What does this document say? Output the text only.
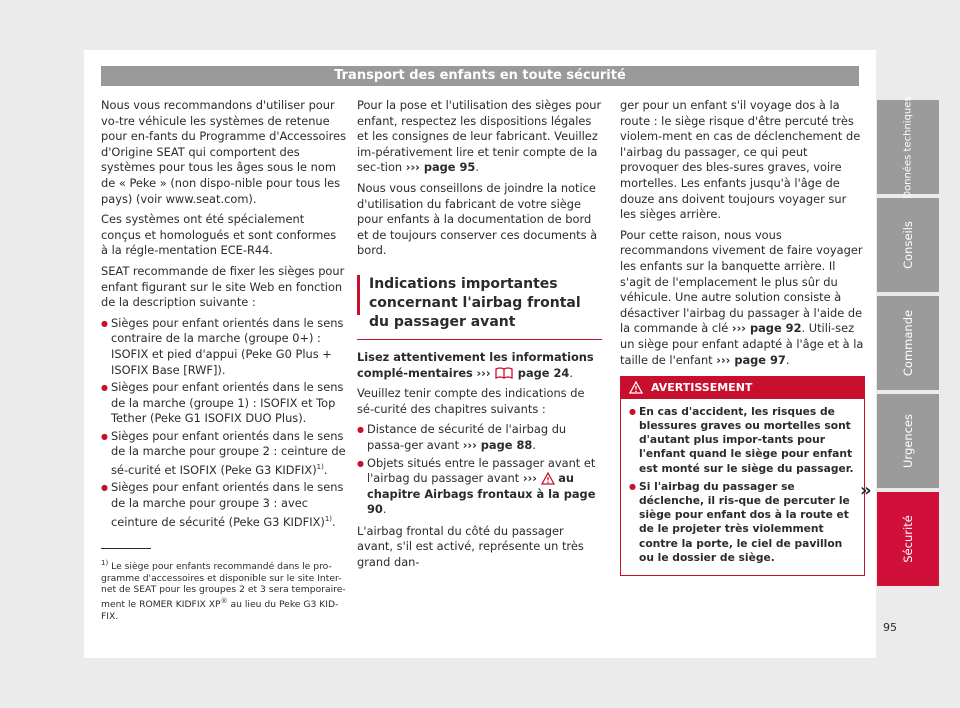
Transport des enfants en toute sécurité

Nous vous recommandons d'utiliser pour vo-tre véhicule les systèmes de retenue pour en-fants du Programme d'Accessoires d'Origine SEAT qui comportent des systèmes pour tous les âges sous le nom de « Peke » (non dispo-nible pour tous les pays) (voir www.seat.com).

Ces systèmes ont été spécialement conçus et homologués et sont conformes à la régle-mentation ECE-R44.

SEAT recommande de fixer les sièges pour enfant figurant sur le site Web en fonction de la description suivante :

● Sièges pour enfant orientés dans le sens contraire de la marche (groupe 0+) : ISOFIX et pied d'appui (Peke G0 Plus + ISOFIX Base [RWF]).
● Sièges pour enfant orientés dans le sens de la marche (groupe 1) : ISOFIX et Top Tether (Peke G1 ISOFIX DUO Plus).
● Sièges pour enfant orientés dans le sens de la marche pour groupe 2 : ceinture de sé-curité et ISOFIX (Peke G3 KIDFIX)$^{1)}$.
● Sièges pour enfant orientés dans le sens de la marche pour groupe 3 : avec ceinture de sécurité (Peke G3 KIDFIX)$^{1)}$.

Pour la pose et l'utilisation des sièges pour enfant, respectez les dispositions légales et les consignes de leur fabricant. Veuillez im-pérativement lire et tenir compte de la sec-tion ››› page 95.

Nous vous conseillons de joindre la notice d'utilisation du fabricant de votre siège pour enfants à la documentation de bord et de toujours conserver ces documents à bord.

Indications importantes concernant l'airbag frontal du passager avant

Lisez attentivement les informations complé-mentaires ››› page 24.

Veuillez tenir compte des indications de sé-curité des chapitres suivants :

● Distance de sécurité de l'airbag du passa-ger avant ››› page 88.
● Objets situés entre le passager avant et l'airbag du passager avant ››› au chapitre Airbags frontaux à la page 90.

L'airbag frontal du côté du passager avant, s'il est activé, représente un très grand dan-

ger pour un enfant s'il voyage dos à la route : le siège risque d'être percuté très violem-ment en cas de déclenchement de l'airbag du passager, ce qui peut provoquer des bles-sures graves, voire mortelles. Les enfants jusqu'à l'âge de douze ans doivent toujours voyager sur les sièges arrière.

Pour cette raison, nous vous recommandons vivement de faire voyager les enfants sur la banquette arrière. Il s'agit de l'emplacement le plus sûr du véhicule. Une autre solution consiste à désactiver l'airbag du passager à l'aide de la commande à clé ››› page 92. Utili-sez un siège pour enfant adapté à l'âge et à la taille de l'enfant ››› page 97.

AVERTISSEMENT
● En cas d'accident, les risques de blessures graves ou mortelles sont d'autant plus impor-tants pour l'enfant quand le siège pour enfant est monté sur le siège du passager.
● Si l'airbag du passager se déclenche, il ris-que de percuter le siège pour enfant dos à la route et de le projeter très violemment contre la porte, le ciel de pavillon ou le dossier de siège.
»
$^{1)}$ Le siège pour enfants recommandé dans le pro-gramme d'accessoires et disponible sur le site Inter-net de SEAT pour les groupes 2 et 3 sera temporaire-ment le ROMER KIDFIX XP® au lieu du Peke G3 KID-FIX.
Données techniques
Conseils
Commande
Urgences
Sécurité
95
